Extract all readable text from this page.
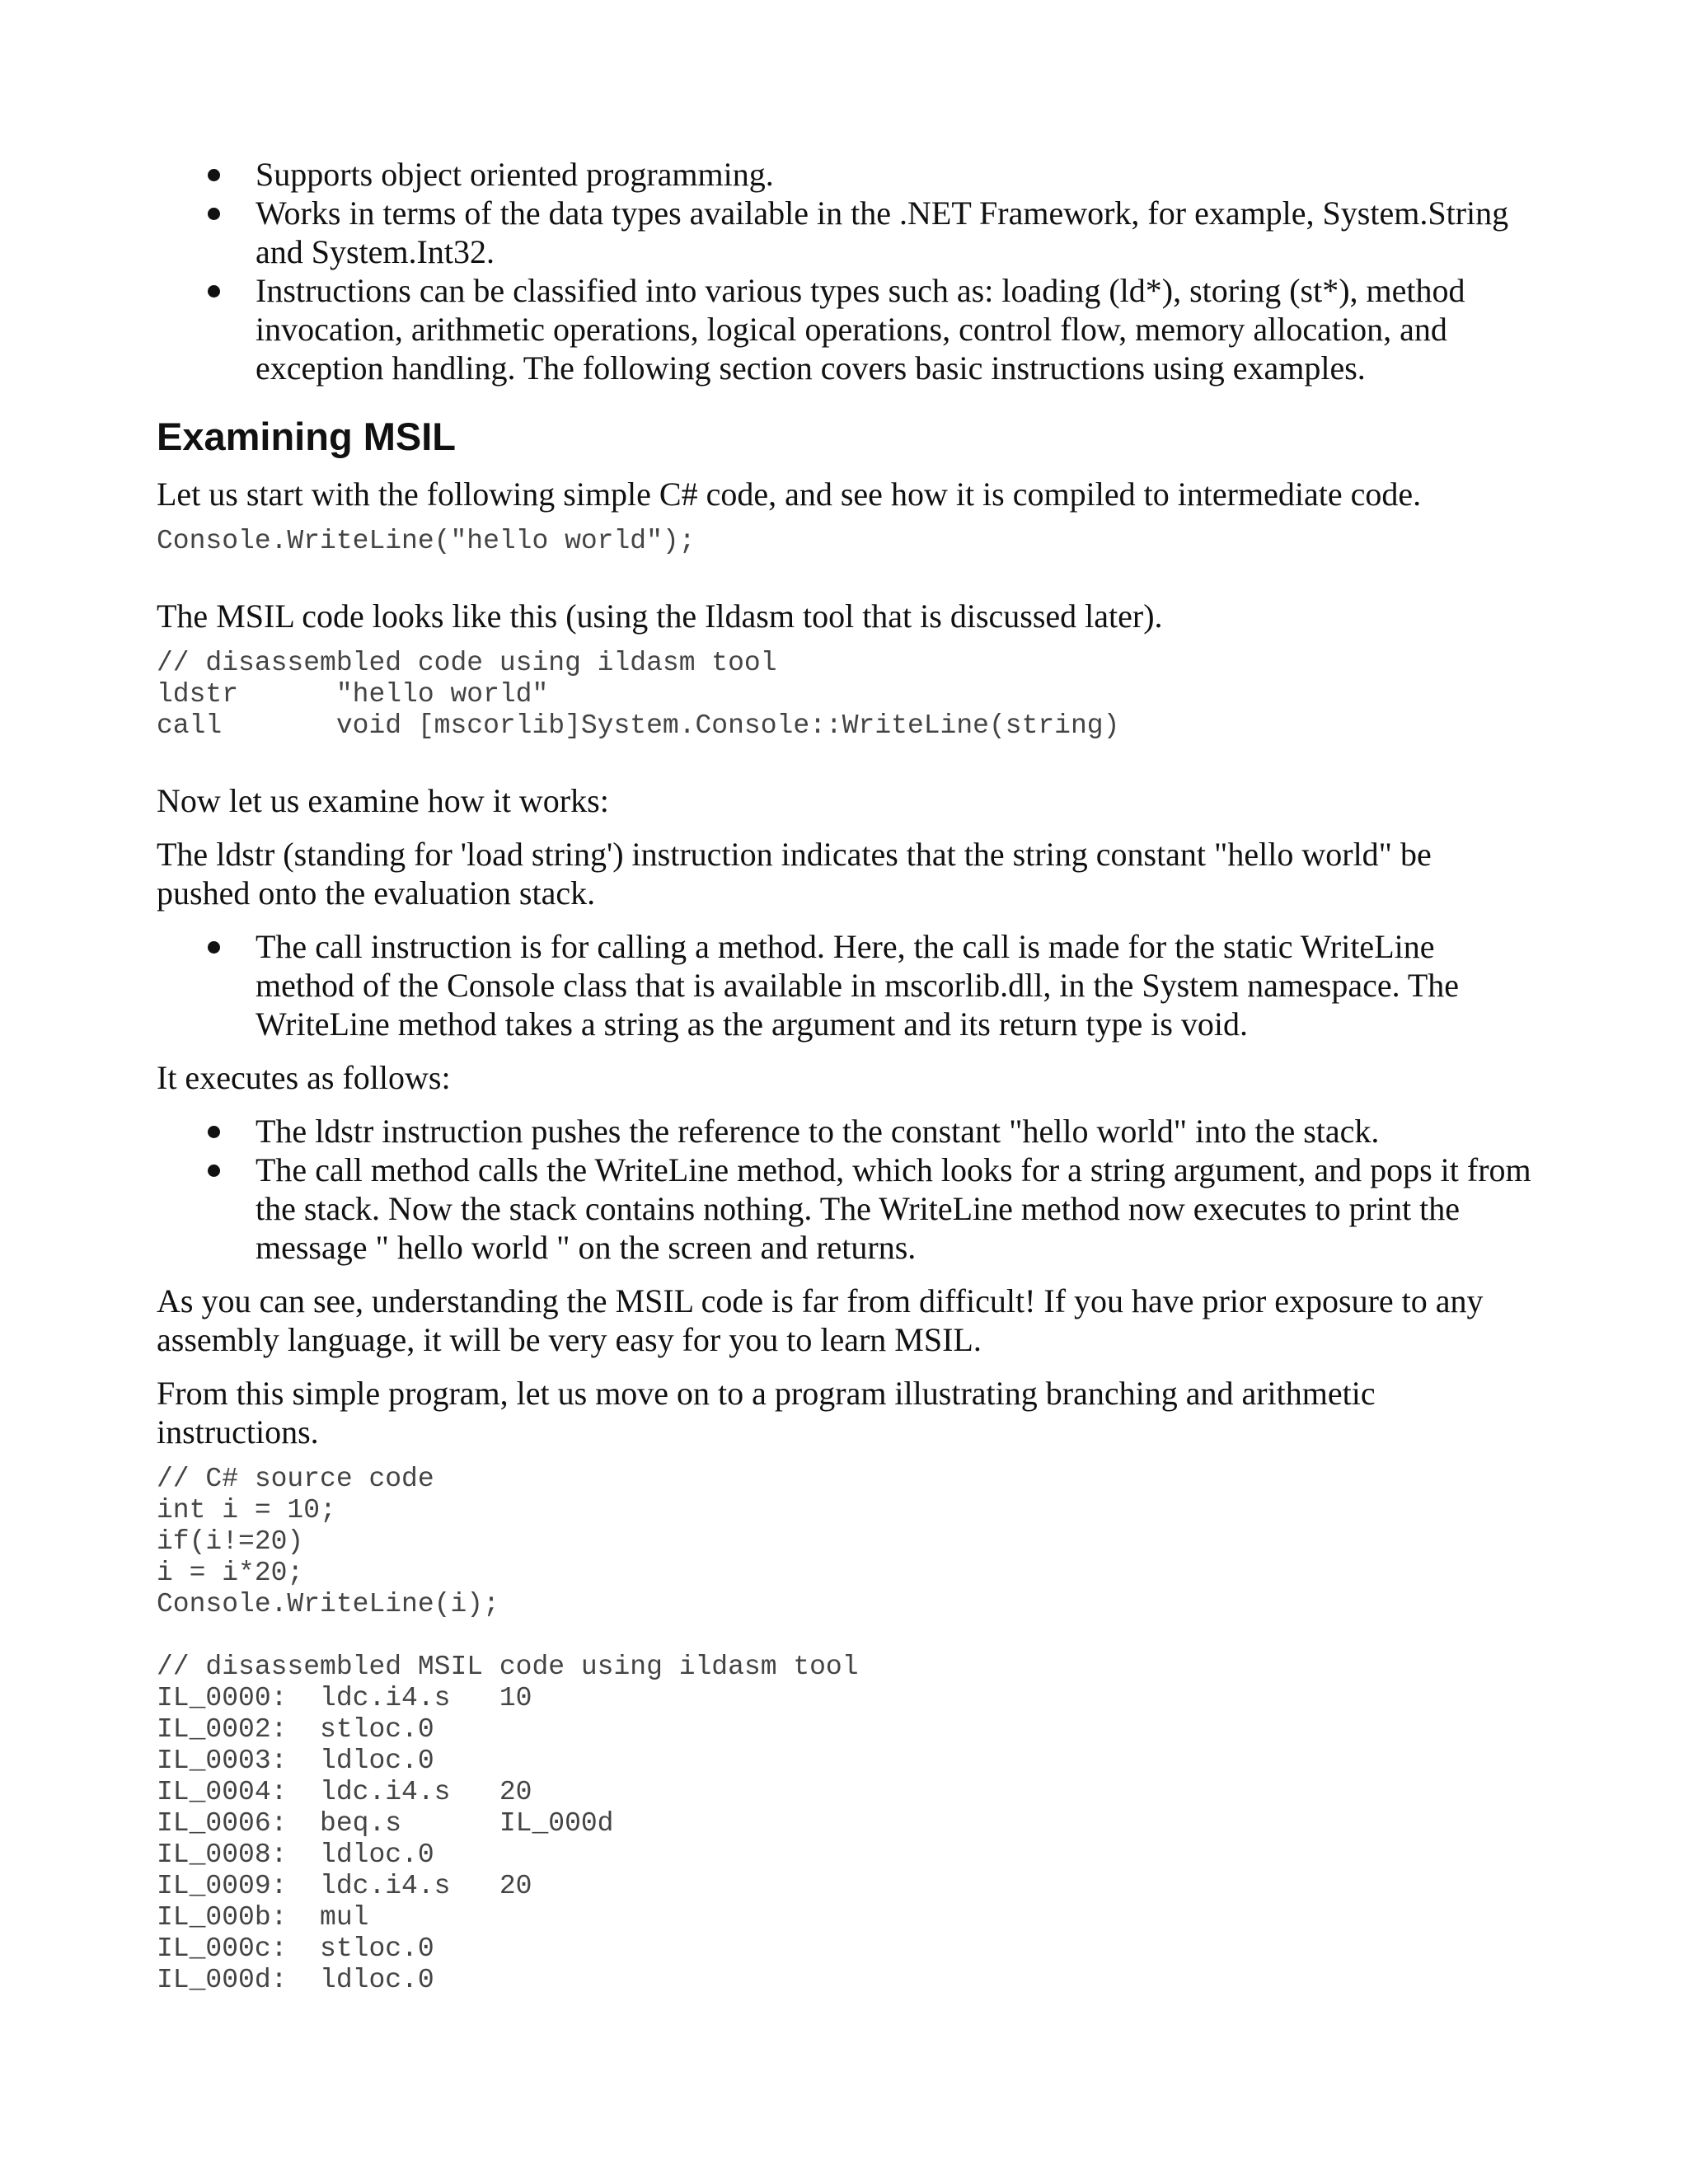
Supports object oriented programming.
Works in terms of the data types available in the .NET Framework, for example, System.String and System.Int32.
Instructions can be classified into various types such as: loading (ld*), storing (st*), method invocation, arithmetic operations, logical operations, control flow, memory allocation, and exception handling. The following section covers basic instructions using examples.
Examining MSIL

Let us start with the following simple C# code, and see how it is compiled to intermediate code.

Console.WriteLine("hello world");

The MSIL code looks like this (using the Ildasm tool that is discussed later).

// disassembled code using ildasm tool
ldstr      "hello world"
call       void [mscorlib]System.Console::WriteLine(string)

Now let us examine how it works:

The ldstr (standing for 'load string') instruction indicates that the string constant "hello world" be pushed onto the evaluation stack.

The call instruction is for calling a method. Here, the call is made for the static WriteLine method of the Console class that is available in mscorlib.dll, in the System namespace. The WriteLine method takes a string as the argument and its return type is void.

It executes as follows:

The ldstr instruction pushes the reference to the constant "hello world" into the stack.
The call method calls the WriteLine method, which looks for a string argument, and pops it from the stack. Now the stack contains nothing. The WriteLine method now executes to print the message " hello world " on the screen and returns.

As you can see, understanding the MSIL code is far from difficult! If you have prior exposure to any assembly language, it will be very easy for you to learn MSIL.

From this simple program, let us move on to a program illustrating branching and arithmetic instructions.

// C# source code
int i = 10;
if(i!=20)
i = i*20;
Console.WriteLine(i);
// disassembled MSIL code using ildasm tool
IL_0000:  ldc.i4.s   10
IL_0002:  stloc.0
IL_0003:  ldloc.0
IL_0004:  ldc.i4.s   20
IL_0006:  beq.s      IL_000d
IL_0008:  ldloc.0
IL_0009:  ldc.i4.s   20
IL_000b:  mul
IL_000c:  stloc.0
IL_000d:  ldloc.0
